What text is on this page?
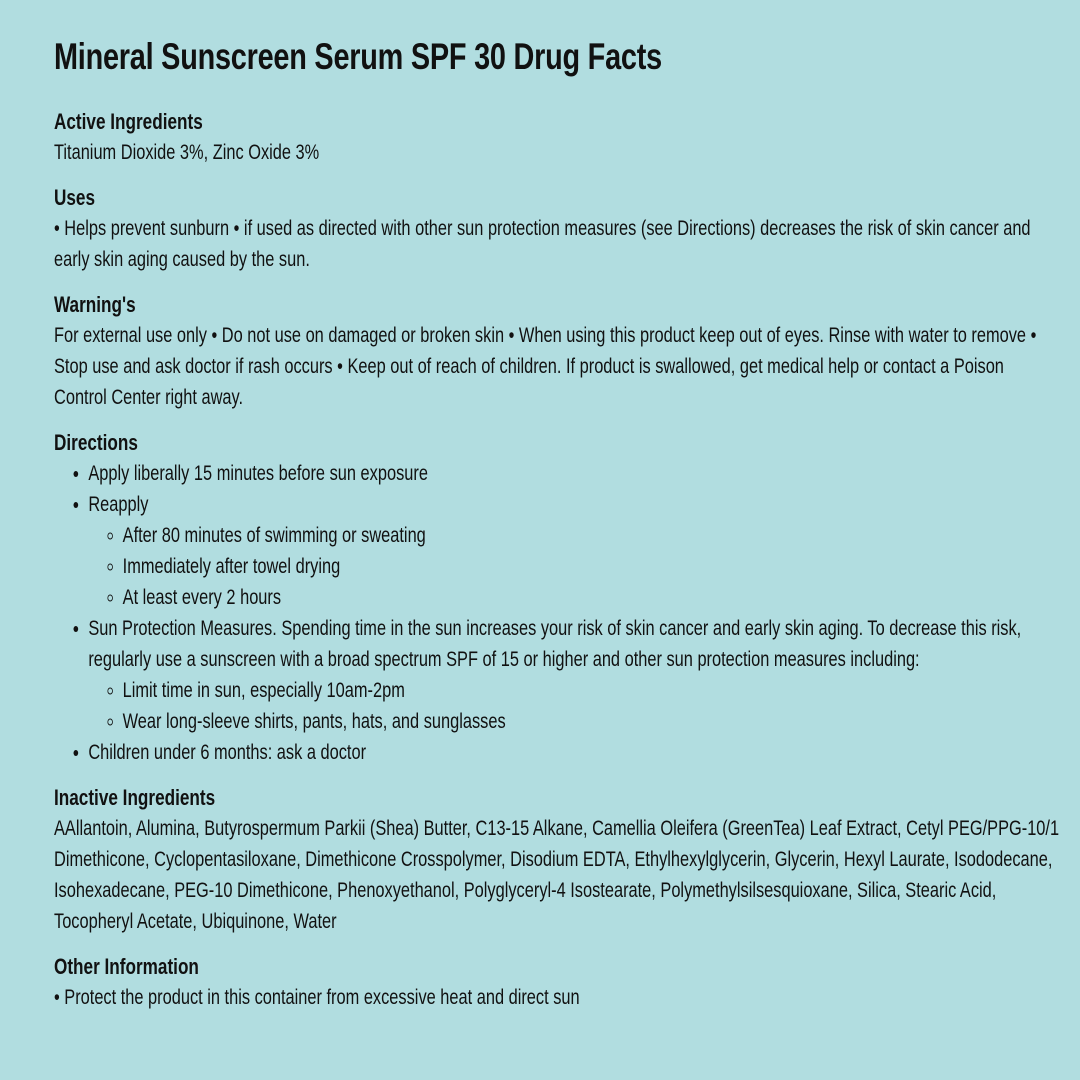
Mineral Sunscreen Serum SPF 30 Drug Facts
Active Ingredients

Titanium Dioxide 3%, Zinc Oxide 3%

Uses

• Helps prevent sunburn • if used as directed with other sun protection measures (see Directions) decreases the risk of skin cancer and early skin aging caused by the sun.

Warning's

For external use only • Do not use on damaged or broken skin • When using this product keep out of eyes. Rinse with water to remove • Stop use and ask doctor if rash occurs • Keep out of reach of children. If product is swallowed, get medical help or contact a Poison Control Center right away.

Directions
• Apply liberally 15 minutes before sun exposure
• Reapply
◦ After 80 minutes of swimming or sweating
◦ Immediately after towel drying
◦ At least every 2 hours
• Sun Protection Measures. Spending time in the sun increases your risk of skin cancer and early skin aging. To decrease this risk, regularly use a sunscreen with a broad spectrum SPF of 15 or higher and other sun protection measures including:
◦ Limit time in sun, especially 10am-2pm
◦ Wear long-sleeve shirts, pants, hats, and sunglasses
• Children under 6 months: ask a doctor
Inactive Ingredients

AAllantoin, Alumina, Butyrospermum Parkii (Shea) Butter, C13-15 Alkane, Camellia Oleifera (GreenTea) Leaf Extract, Cetyl PEG/PPG-10/1 Dimethicone, Cyclopentasiloxane, Dimethicone Crosspolymer, Disodium EDTA, Ethylhexylglycerin, Glycerin, Hexyl Laurate, Isododecane, Isohexadecane, PEG-10 Dimethicone, Phenoxyethanol, Polyglyceryl-4 Isostearate, Polymethylsilsesquioxane, Silica, Stearic Acid, Tocopheryl Acetate, Ubiquinone, Water

Other Information

• Protect the product in this container from excessive heat and direct sun
